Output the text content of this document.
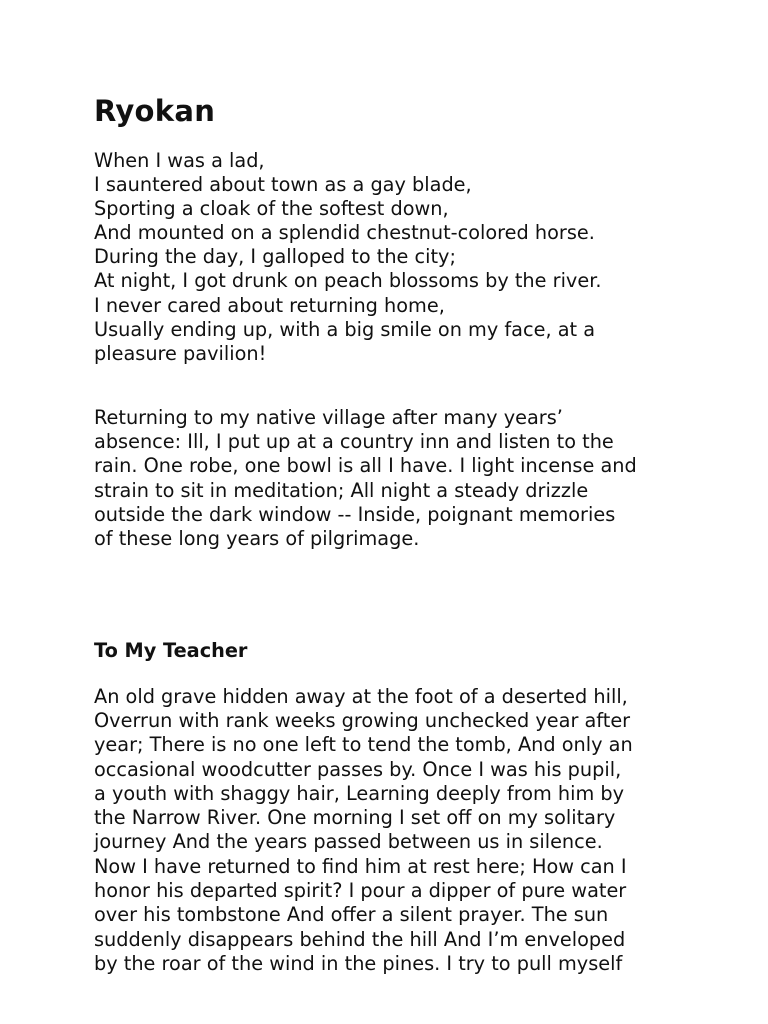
Ryokan
When I was a lad,
I sauntered about town as a gay blade,
Sporting a cloak of the softest down,
And mounted on a splendid chestnut-colored horse.
During the day, I galloped to the city;
At night, I got drunk on peach blossoms by the river.
I never cared about returning home,
Usually ending up, with a big smile on my face, at a
pleasure pavilion!

Returning to my native village after many years’
absence: Ill, I put up at a country inn and listen to the
rain. One robe, one bowl is all I have. I light incense and
strain to sit in meditation; All night a steady drizzle
outside the dark window -- Inside, poignant memories
of these long years of pilgrimage.

To My Teacher

An old grave hidden away at the foot of a deserted hill,
Overrun with rank weeks growing unchecked year after
year; There is no one left to tend the tomb, And only an
occasional woodcutter passes by. Once I was his pupil,
a youth with shaggy hair, Learning deeply from him by
the Narrow River. One morning I set off on my solitary
journey And the years passed between us in silence.
Now I have returned to find him at rest here; How can I
honor his departed spirit? I pour a dipper of pure water
over his tombstone And offer a silent prayer. The sun
suddenly disappears behind the hill And I’m enveloped
by the roar of the wind in the pines. I try to pull myself
